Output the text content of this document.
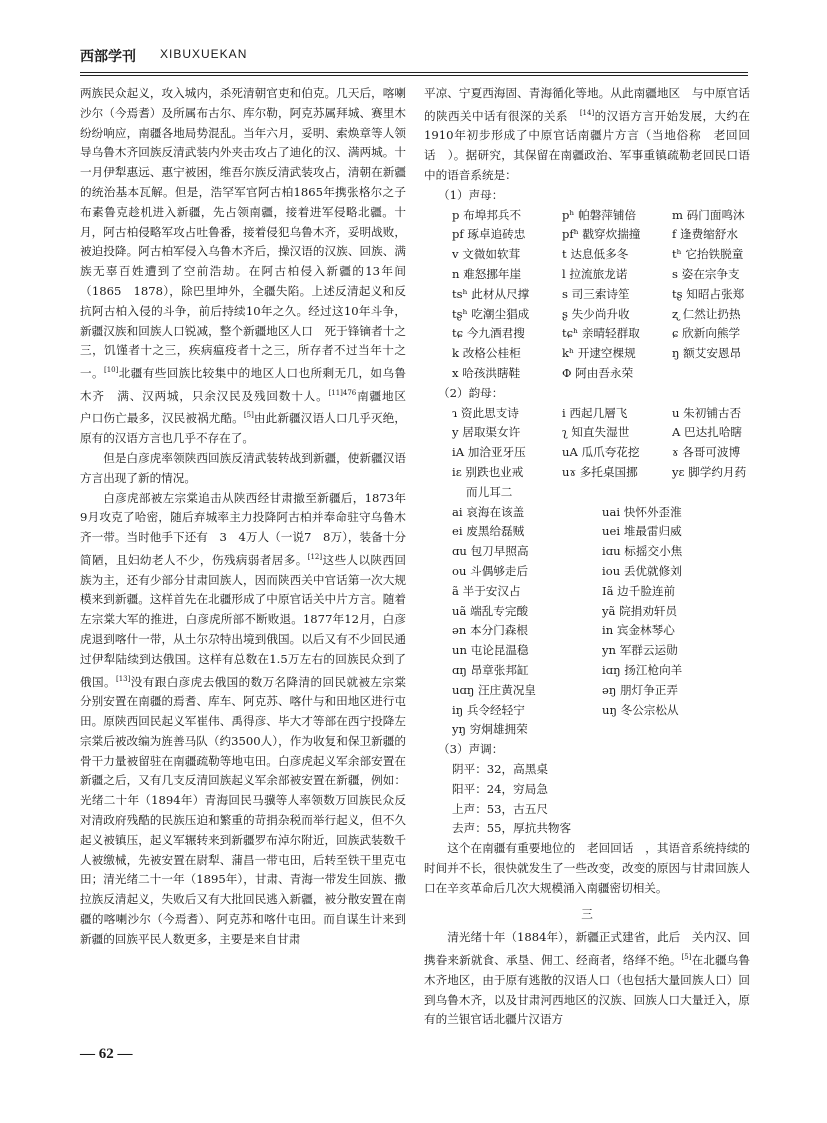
西部学刊 XIBUXUEKAN

两族民众起义，攻入城内，杀死清朝官吏和伯克。几天后，喀喇沙尔（今焉耆）及所属布古尔、库尔勒，阿克苏属拜城、赛里木纷纷响应，南疆各地局势混乱。当年六月，妥明、索焕章等人领导乌鲁木齐回族反清武装内外夹击攻占了迪化的汉、满两城。十一月伊犁惠远、惠宁被困，维吾尔族反清武装攻占，清朝在新疆的统治基本瓦解。但是，浩罕军官阿古柏1865年携张格尔之子布素鲁克趁机进入新疆，先占领南疆，接着进军侵略北疆。十月，阿古柏侵略军攻占吐鲁番，接着侵犯乌鲁木齐，妥明战败，被迫投降。阿古柏军侵入乌鲁木齐后，操汉语的汉族、回族、满族无辜百姓遭到了空前浩劫。在阿古柏侵入新疆的13年间（1865　1878），除巴里坤外，全疆失陷。上述反清起义和反抗阿古柏入侵的斗争，前后持续10年之久。经过这10年斗争，新疆汉族和回族人口锐减，整个新疆地区人口　死于锋镝者十之三，饥馑者十之三，疾病瘟疫者十之三，所存者不过当年十之一。[10]北疆有些回族比较集中的地区人口也所剩无几，如乌鲁木齐　满、汉两城，只余汉民及残回数十人。$^{[11]476}$南疆地区　户口伤亡最多，汉民被祸尤酷。[5]由此新疆汉语人口几乎灭绝，原有的汉语方言也几乎不存在了。

但是白彦虎率领陕西回族反清武装转战到新疆，使新疆汉语方言出现了新的情况。

白彦虎部被左宗棠追击从陕西经甘肃撤至新疆后，1873年9月攻克了哈密，随后弃城率主力投降阿古柏并奉命驻守乌鲁木齐一带。当时他手下还有　3　4万人（一说7　8万），装备十分简陋，且妇幼老人不少，伤残病弱者居多。[12]这些人以陕西回族为主，还有少部分甘肃回族人，因而陕西关中官话第一次大规模来到新疆。这样首先在北疆形成了中原官话关中片方言。随着左宗棠大军的推进，白彦虎所部不断败退。1877年12月，白彦虎退到喀什一带，从土尔尕特出境到俄国。以后又有不少回民通过伊犁陆续到达俄国。这样有总数在1.5万左右的回族民众到了俄国。[13]没有跟白彦虎去俄国的数万名降清的回民就被左宗棠分别安置在南疆的焉耆、库车、阿克苏、喀什与和田地区进行屯田。原陕西回民起义军崔伟、禹得彦、毕大才等部在西宁投降左宗棠后被改编为旌善马队（约3500人），作为收复和保卫新疆的骨干力量被留驻在南疆疏勒等地屯田。白彦虎起义军余部安置在新疆之后，又有几支反清回族起义军余部被安置在新疆，例如：光绪二十年（1894年）青海回民马骥等人率领数万回族民众反对清政府残酷的民族压迫和繁重的苛捐杂税而举行起义，但不久起义被镇压，起义军辗转来到新疆罗布淖尔附近，回族武装数千人被缴械，先被安置在尉犁、蒲昌一带屯田，后转至铁干里克屯田；清光绪二十一年（1895年），甘肃、青海一带发生回族、撒拉族反清起义，失败后又有大批回民逃入新疆，被分散安置在南疆的喀喇沙尔（今焉耆）、阿克苏和喀什屯田。而自谋生计来到新疆的回族平民人数更多，主要是来自甘肃

平凉、宁夏西海固、青海循化等地。从此南疆地区　与中原官话的陕西关中话有很深的关系　[14]的汉语方言开始发展，大约在1910年初步形成了中原官话南疆片方言（当地俗称　老回回话　）。据研究，其保留在南疆政治、军事重镇疏勒老回民口语中的语音系统是：

（1）声母：
p 布埠邦兵不	pʰ 帕磐萍铺倍	m 码门面鸣沐
pf 琢卓追砖忠	pfʰ 戳穿炊揣撞	f 逢费缩舒水
v 文微如软茸	t 达息低多冬	tʰ 它抬铁脱童
n 难怒挪年崖	l 拉流旅龙诺	s 姿在宗争支
tsʰ 此材从尺撑	s 司三索诗笙	tʂ 知昭占张郑
tʂʰ 吃潮尘猖成	ʂ 失少尚升收	ʐ 仁然让扔热
tɕ 今九酒君搜	tɕʰ 亲晴轻群取	ɕ 欣新向熊学
k 改格公桂柜	kʰ 开逮空棵规	ŋ 额艾安恩昂
x 哈孩洪瞎鞋	Φ 阿由吾永荣
（2）韵母：
ɿ 资此思支诗	i 西起几層飞	u 朱初铺古否
y 居取渠女许	ʅ 知直失湿世	A 巴达扎哈瞎
iA 加洽亚牙压	uA 瓜爪夸花挖	ɤ 各哥可波博
iɛ 别跌也业戒	uɤ 多托桌国挪	yɛ 脚学约月药
而儿耳二
ai 哀海在该盖	uai 快怀外歪淮
ei 废黑给磊贼	uei 堆最雷归威
ɑu 包刀早照高	iɑu 标摇交小焦
ou 斗偶够走后	iou 丢优就修刘
ã 半于安汉占	Iã 边千脸连前
uã 端乱专完酸	yã 院捐劝轩员
ən 本分门森根	in 宾金林琴心
un 屯论昆温稳	yn 军群云运勋
ɑŋ 昂章张邦缸	iɑŋ 扬江枪向羊
uɑŋ 汪庄黄况皇	əŋ 朋灯争正弄
iŋ 兵令经轻宁	uŋ 冬公宗松从
yŋ 穷炯雄拥荣
（3）声调：
阴平：32，高黑桌
阳平：24，穷局急
上声：53，古五尺
去声：55，厚抗共物客

这个在南疆有重要地位的　老回回话　，其语音系统持续的时间并不长，很快就发生了一些改变，改变的原因与甘肃回族人口在辛亥革命后几次大规模涌入南疆密切相关。

三

清光绪十年（1884年），新疆正式建省，此后　关内汉、回携眷来新就食、承垦、佣工、经商者，络绎不绝。[5]在北疆乌鲁木齐地区，由于原有逃散的汉语人口（也包括大量回族人口）回到乌鲁木齐，以及甘肃河西地区的汉族、回族人口大量迁入，原有的兰银官话北疆片汉语方

— 62 —
